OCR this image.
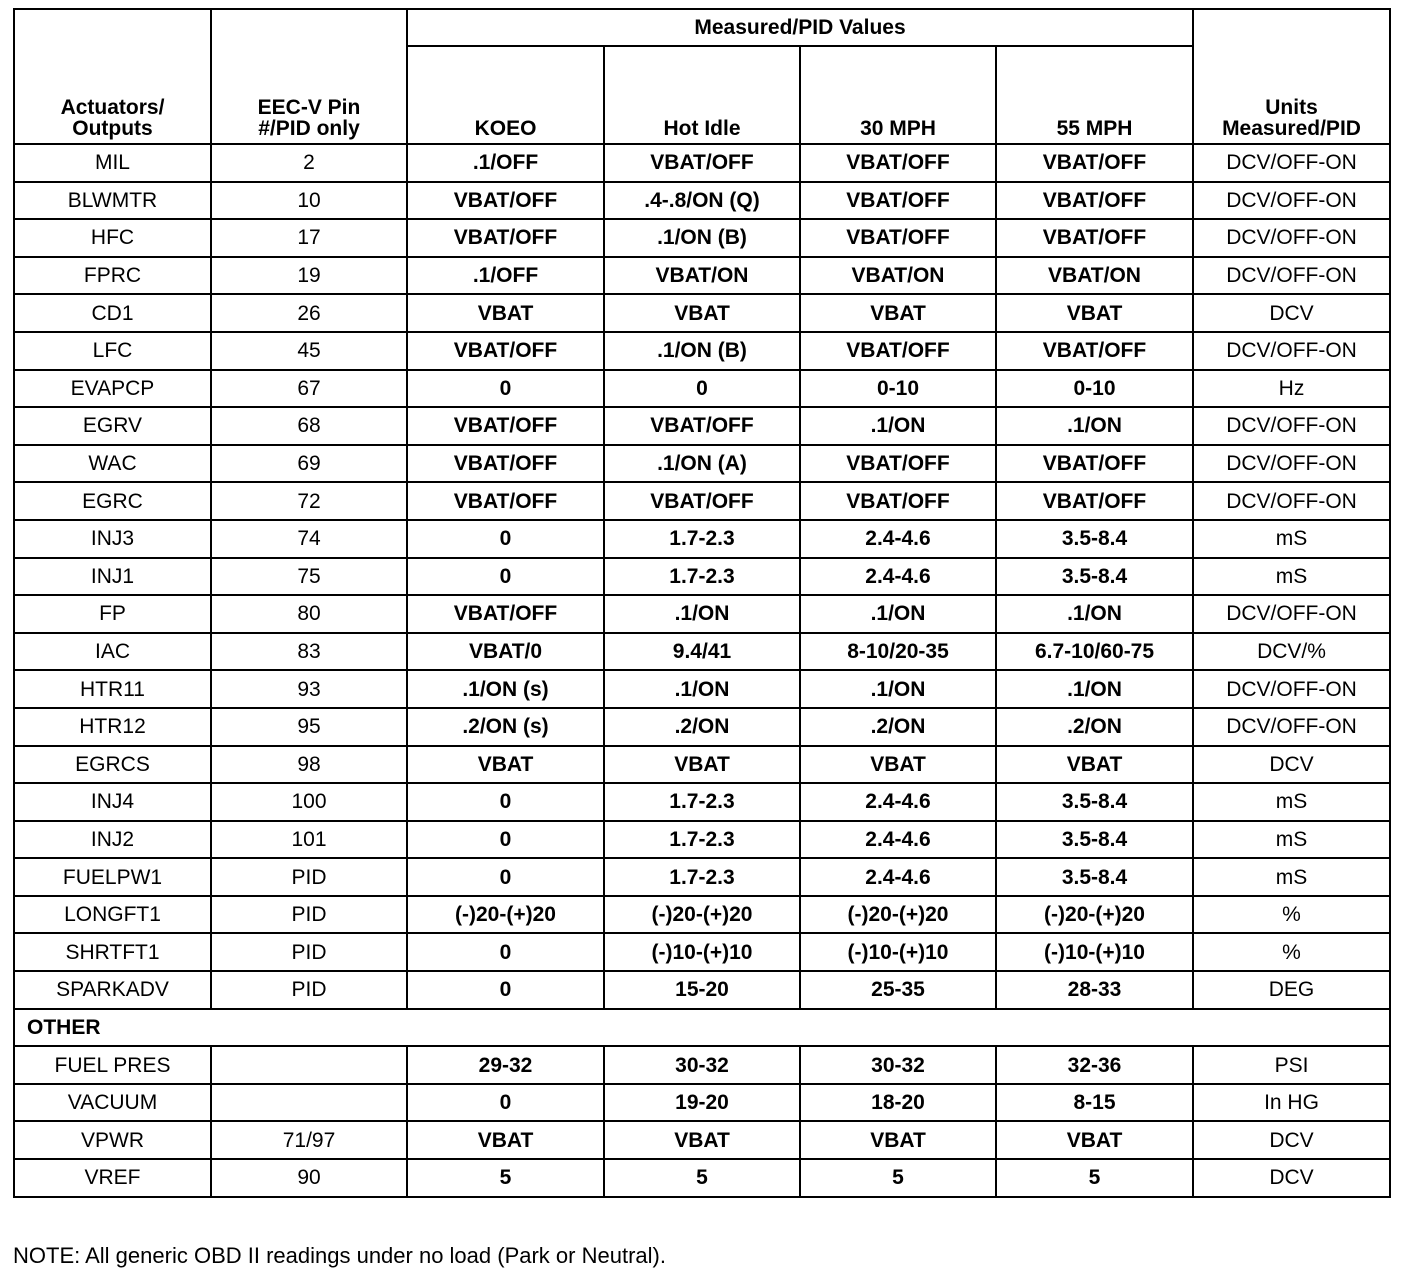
Actuators/ Outputs	EEC-V Pin #/PID only	Measured/PID Values				Units Measured/PID
		KOEO	Hot Idle	30 MPH	55 MPH	
MIL	2	.1/OFF	VBAT/OFF	VBAT/OFF	VBAT/OFF	DCV/OFF-ON
BLWMTR	10	VBAT/OFF	.4-.8/ON (Q)	VBAT/OFF	VBAT/OFF	DCV/OFF-ON
HFC	17	VBAT/OFF	.1/ON (B)	VBAT/OFF	VBAT/OFF	DCV/OFF-ON
FPRC	19	.1/OFF	VBAT/ON	VBAT/ON	VBAT/ON	DCV/OFF-ON
CD1	26	VBAT	VBAT	VBAT	VBAT	DCV
LFC	45	VBAT/OFF	.1/ON (B)	VBAT/OFF	VBAT/OFF	DCV/OFF-ON
EVAPCP	67	0	0	0-10	0-10	Hz
EGRV	68	VBAT/OFF	VBAT/OFF	.1/ON	.1/ON	DCV/OFF-ON
WAC	69	VBAT/OFF	.1/ON (A)	VBAT/OFF	VBAT/OFF	DCV/OFF-ON
EGRC	72	VBAT/OFF	VBAT/OFF	VBAT/OFF	VBAT/OFF	DCV/OFF-ON
INJ3	74	0	1.7-2.3	2.4-4.6	3.5-8.4	mS
INJ1	75	0	1.7-2.3	2.4-4.6	3.5-8.4	mS
FP	80	VBAT/OFF	.1/ON	.1/ON	.1/ON	DCV/OFF-ON
IAC	83	VBAT/0	9.4/41	8-10/20-35	6.7-10/60-75	DCV/%
HTR11	93	.1/ON (s)	.1/ON	.1/ON	.1/ON	DCV/OFF-ON
HTR12	95	.2/ON (s)	.2/ON	.2/ON	.2/ON	DCV/OFF-ON
EGRCS	98	VBAT	VBAT	VBAT	VBAT	DCV
INJ4	100	0	1.7-2.3	2.4-4.6	3.5-8.4	mS
INJ2	101	0	1.7-2.3	2.4-4.6	3.5-8.4	mS
FUELPW1	PID	0	1.7-2.3	2.4-4.6	3.5-8.4	mS
LONGFT1	PID	(-)20-(+)20	(-)20-(+)20	(-)20-(+)20	(-)20-(+)20	%
SHRTFT1	PID	0	(-)10-(+)10	(-)10-(+)10	(-)10-(+)10	%
SPARKADV	PID	0	15-20	25-35	28-33	DEG
OTHER						
FUEL PRES		29-32	30-32	30-32	32-36	PSI
VACUUM		0	19-20	18-20	8-15	In HG
VPWR	71/97	VBAT	VBAT	VBAT	VBAT	DCV
VREF	90	5	5	5	5	DCV
NOTE: All generic OBD II readings under no load (Park or Neutral).
